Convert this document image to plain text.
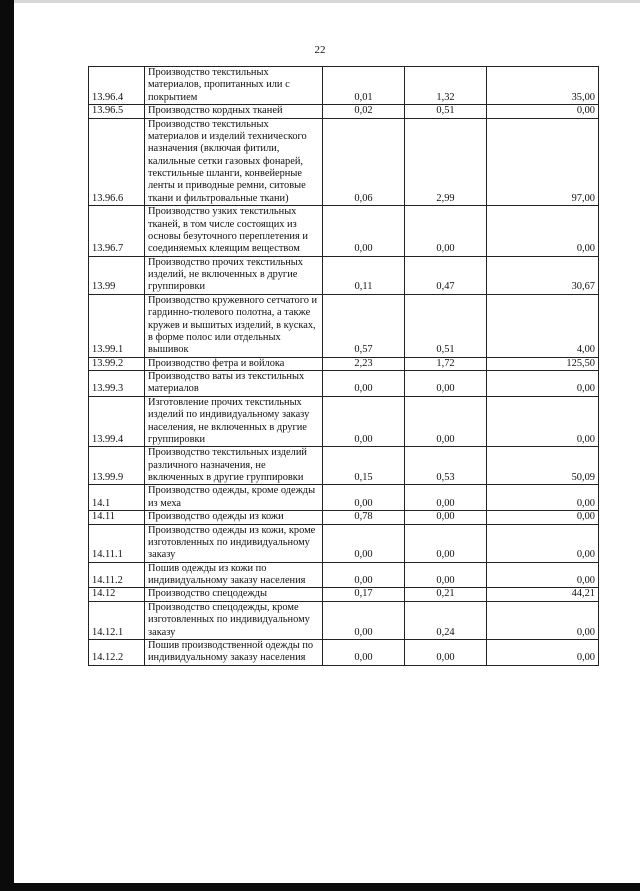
22
13.96.4	Производство текстильных материалов, пропитанных или с покрытием	0,01	1,32	35,00
13.96.5	Производство кордных тканей	0,02	0,51	0,00
13.96.6	Производство текстильных материалов и изделий технического назначения (включая фитили, калильные сетки газовых фонарей, текстильные шланги, конвейерные ленты и приводные ремни, ситовые ткани и фильтровальные ткани)	0,06	2,99	97,00
13.96.7	Производство узких текстильных тканей, в том числе состоящих из основы безуточного переплетения и соединяемых клеящим веществом	0,00	0,00	0,00
13.99	Производство прочих текстильных изделий, не включенных в другие группировки	0,11	0,47	30,67
13.99.1	Производство кружевного сетчатого и гардинно-тюлевого полотна, а также кружев и вышитых изделий, в кусках, в форме полос или отдельных вышивок	0,57	0,51	4,00
13.99.2	Производство фетра и войлока	2,23	1,72	125,50
13.99.3	Производство ваты из текстильных материалов	0,00	0,00	0,00
13.99.4	Изготовление прочих текстильных изделий по индивидуальному заказу населения, не включенных в другие группировки	0,00	0,00	0,00
13.99.9	Производство текстильных изделий различного назначения, не включенных в другие группировки	0,15	0,53	50,09
14.1	Производство одежды, кроме одежды из меха	0,00	0,00	0,00
14.11	Производство одежды из кожи	0,78	0,00	0,00
14.11.1	Производство одежды из кожи, кроме изготовленных по индивидуальному заказу	0,00	0,00	0,00
14.11.2	Пошив одежды из кожи по индивидуальному заказу населения	0,00	0,00	0,00
14.12	Производство спецодежды	0,17	0,21	44,21
14.12.1	Производство спецодежды, кроме изготовленных по индивидуальному заказу	0,00	0,24	0,00
14.12.2	Пошив производственной одежды по индивидуальному заказу населения	0,00	0,00	0,00
